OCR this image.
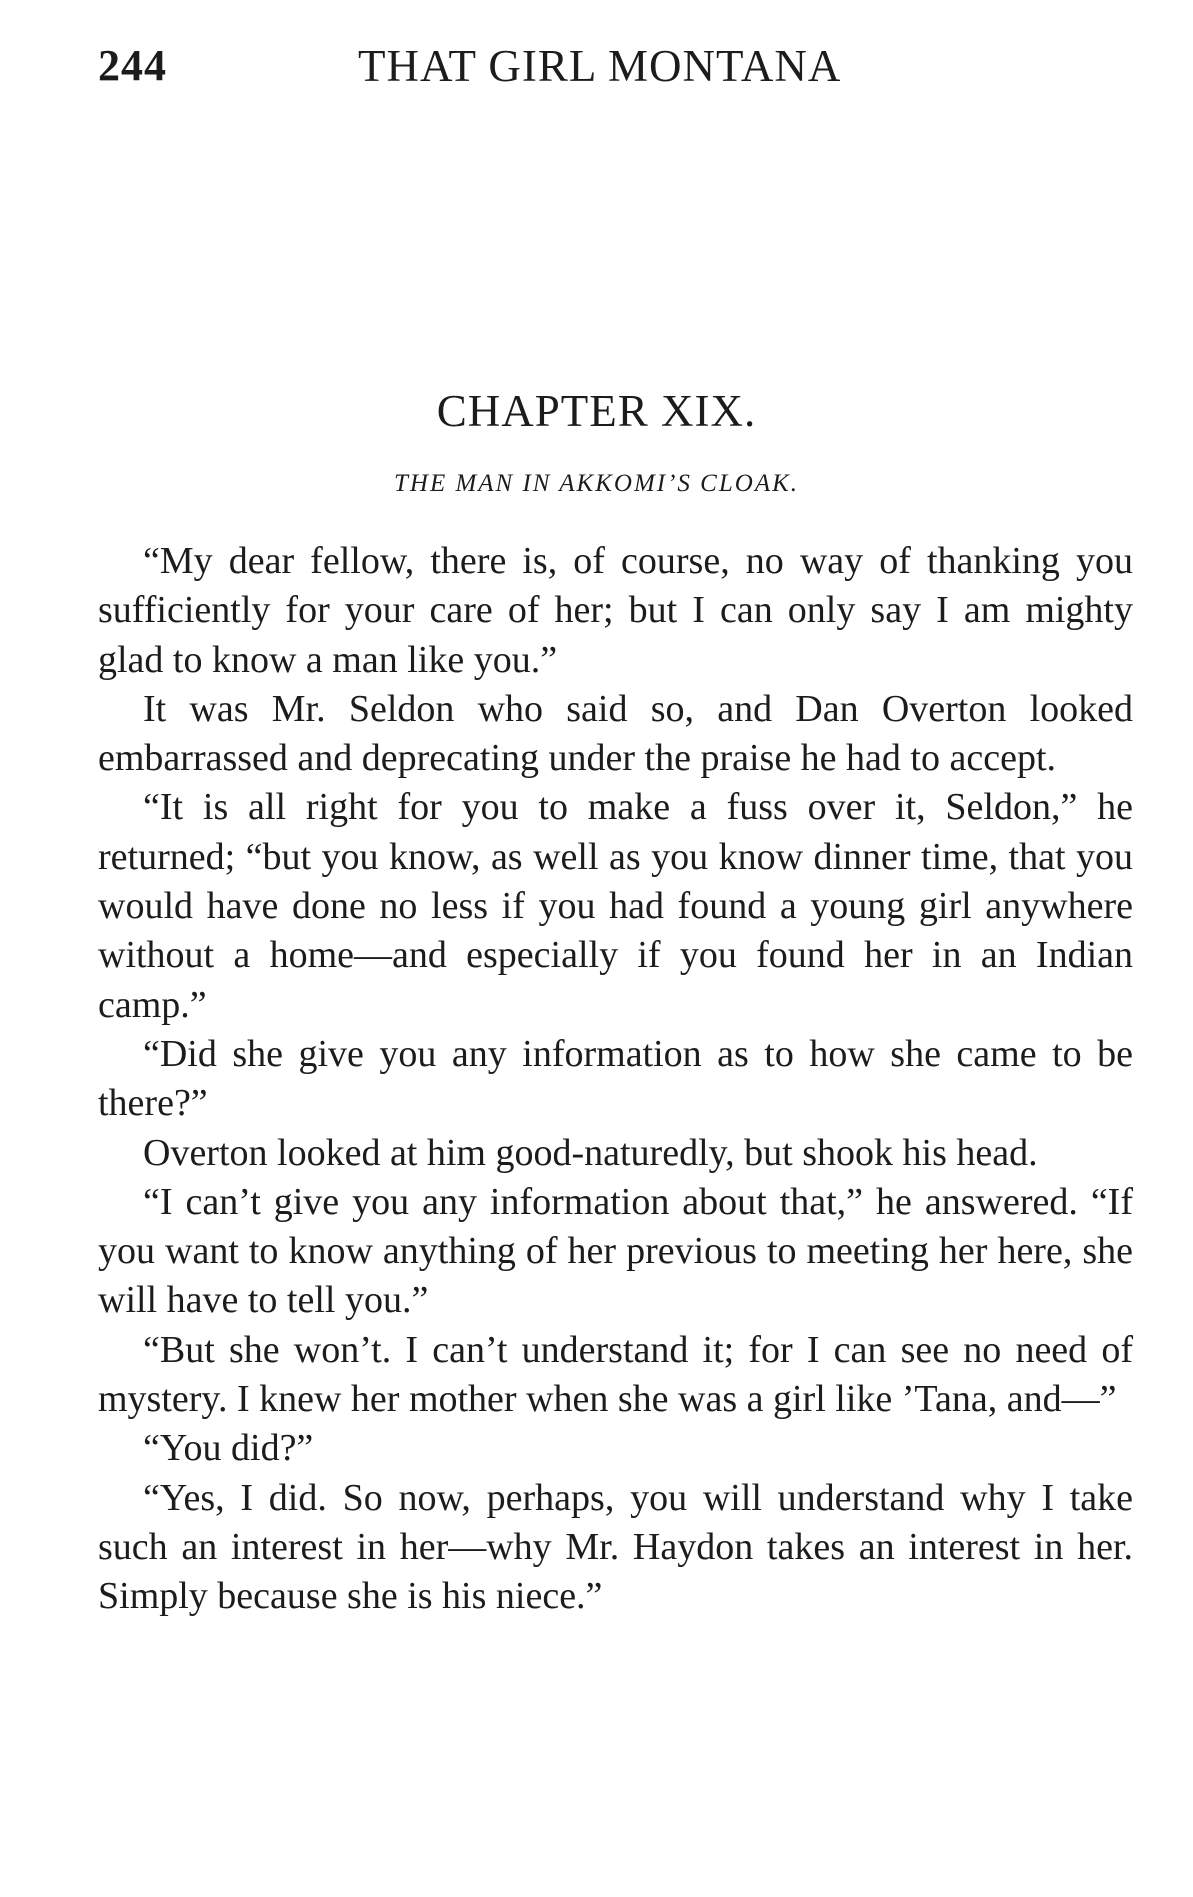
244	THAT GIRL MONTANA
CHAPTER XIX.
THE MAN IN AKKOMI’S CLOAK.

“My dear fellow, there is, of course, no way of thanking you sufficiently for your care of her; but I can only say I am mighty glad to know a man like you.”

It was Mr. Seldon who said so, and Dan Overton looked embarrassed and deprecating under the praise he had to accept.

“It is all right for you to make a fuss over it, Seldon,” he returned; “but you know, as well as you know dinner time, that you would have done no less if you had found a young girl anywhere without a home—and especially if you found her in an Indian camp.”

“Did she give you any information as to how she came to be there?”

Overton looked at him good-naturedly, but shook his head.

“I can’t give you any information about that,” he answered. “If you want to know anything of her previous to meeting her here, she will have to tell you.”

“But she won’t. I can’t understand it; for I can see no need of mystery. I knew her mother when she was a girl like ’Tana, and—”

“You did?”

“Yes, I did. So now, perhaps, you will understand why I take such an interest in her—why Mr. Haydon takes an interest in her. Simply because she is his niece.”
